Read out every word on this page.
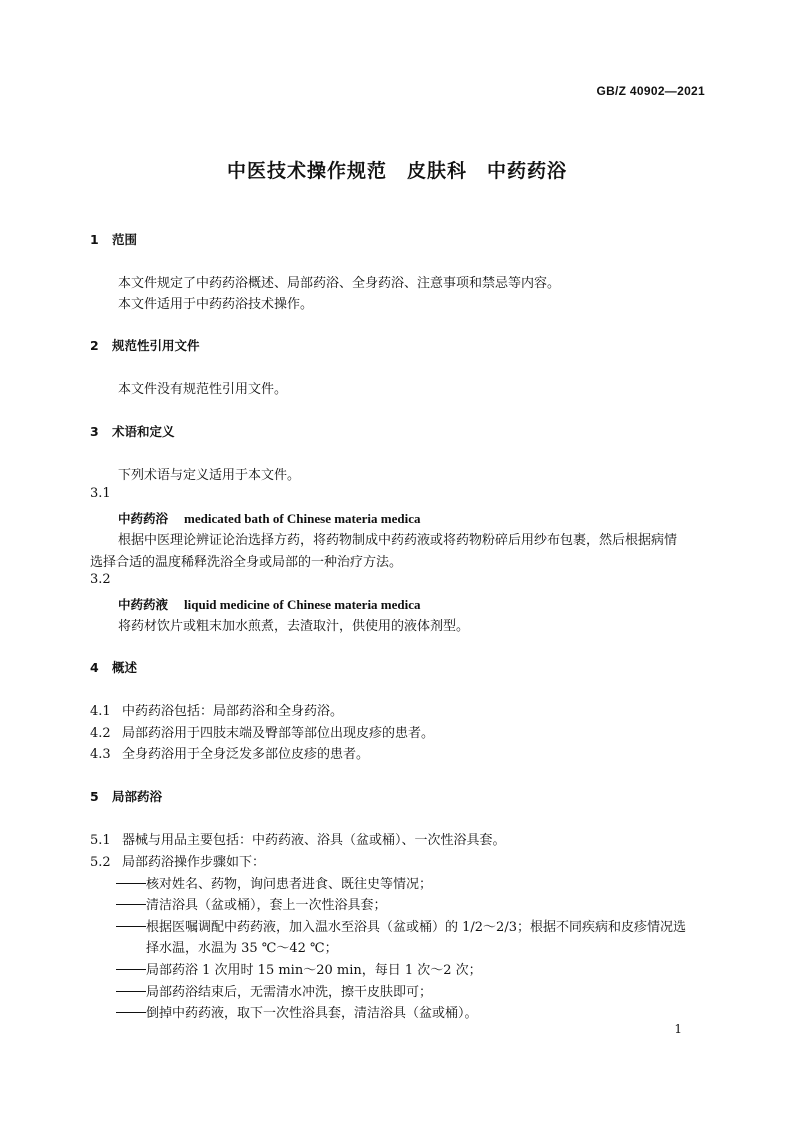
GB/Z 40902—2021
中医技术操作规范　皮肤科　中药药浴
1 范围
本文件规定了中药药浴概述、局部药浴、全身药浴、注意事项和禁忌等内容。
本文件适用于中药药浴技术操作。
2 规范性引用文件
本文件没有规范性引用文件。
3 术语和定义
下列术语与定义适用于本文件。
3.1
中药药浴 medicated bath of Chinese materia medica
根据中医理论辨证论治选择方药，将药物制成中药药液或将药物粉碎后用纱布包裹，然后根据病情
选择合适的温度稀释洗浴全身或局部的一种治疗方法。
3.2
中药药液 liquid medicine of Chinese materia medica
将药材饮片或粗末加水煎煮，去渣取汁，供使用的液体剂型。
4 概述
4.1 中药药浴包括：局部药浴和全身药浴。
4.2 局部药浴用于四肢末端及臀部等部位出现皮疹的患者。
4.3 全身药浴用于全身泛发多部位皮疹的患者。
5 局部药浴
5.1 器械与用品主要包括：中药药液、浴具（盆或桶）、一次性浴具套。
5.2 局部药浴操作步骤如下：
核对姓名、药物，询问患者进食、既往史等情况；
清洁浴具（盆或桶），套上一次性浴具套；
根据医嘱调配中药药液，加入温水至浴具（盆或桶）的 1/2～2/3；根据不同疾病和皮疹情况选
择水温，水温为 35 ℃～42 ℃；
局部药浴 1 次用时 15 min～20 min，每日 1 次～2 次；
局部药浴结束后，无需清水冲洗，擦干皮肤即可；
倒掉中药药液，取下一次性浴具套，清洁浴具（盆或桶）。
1
